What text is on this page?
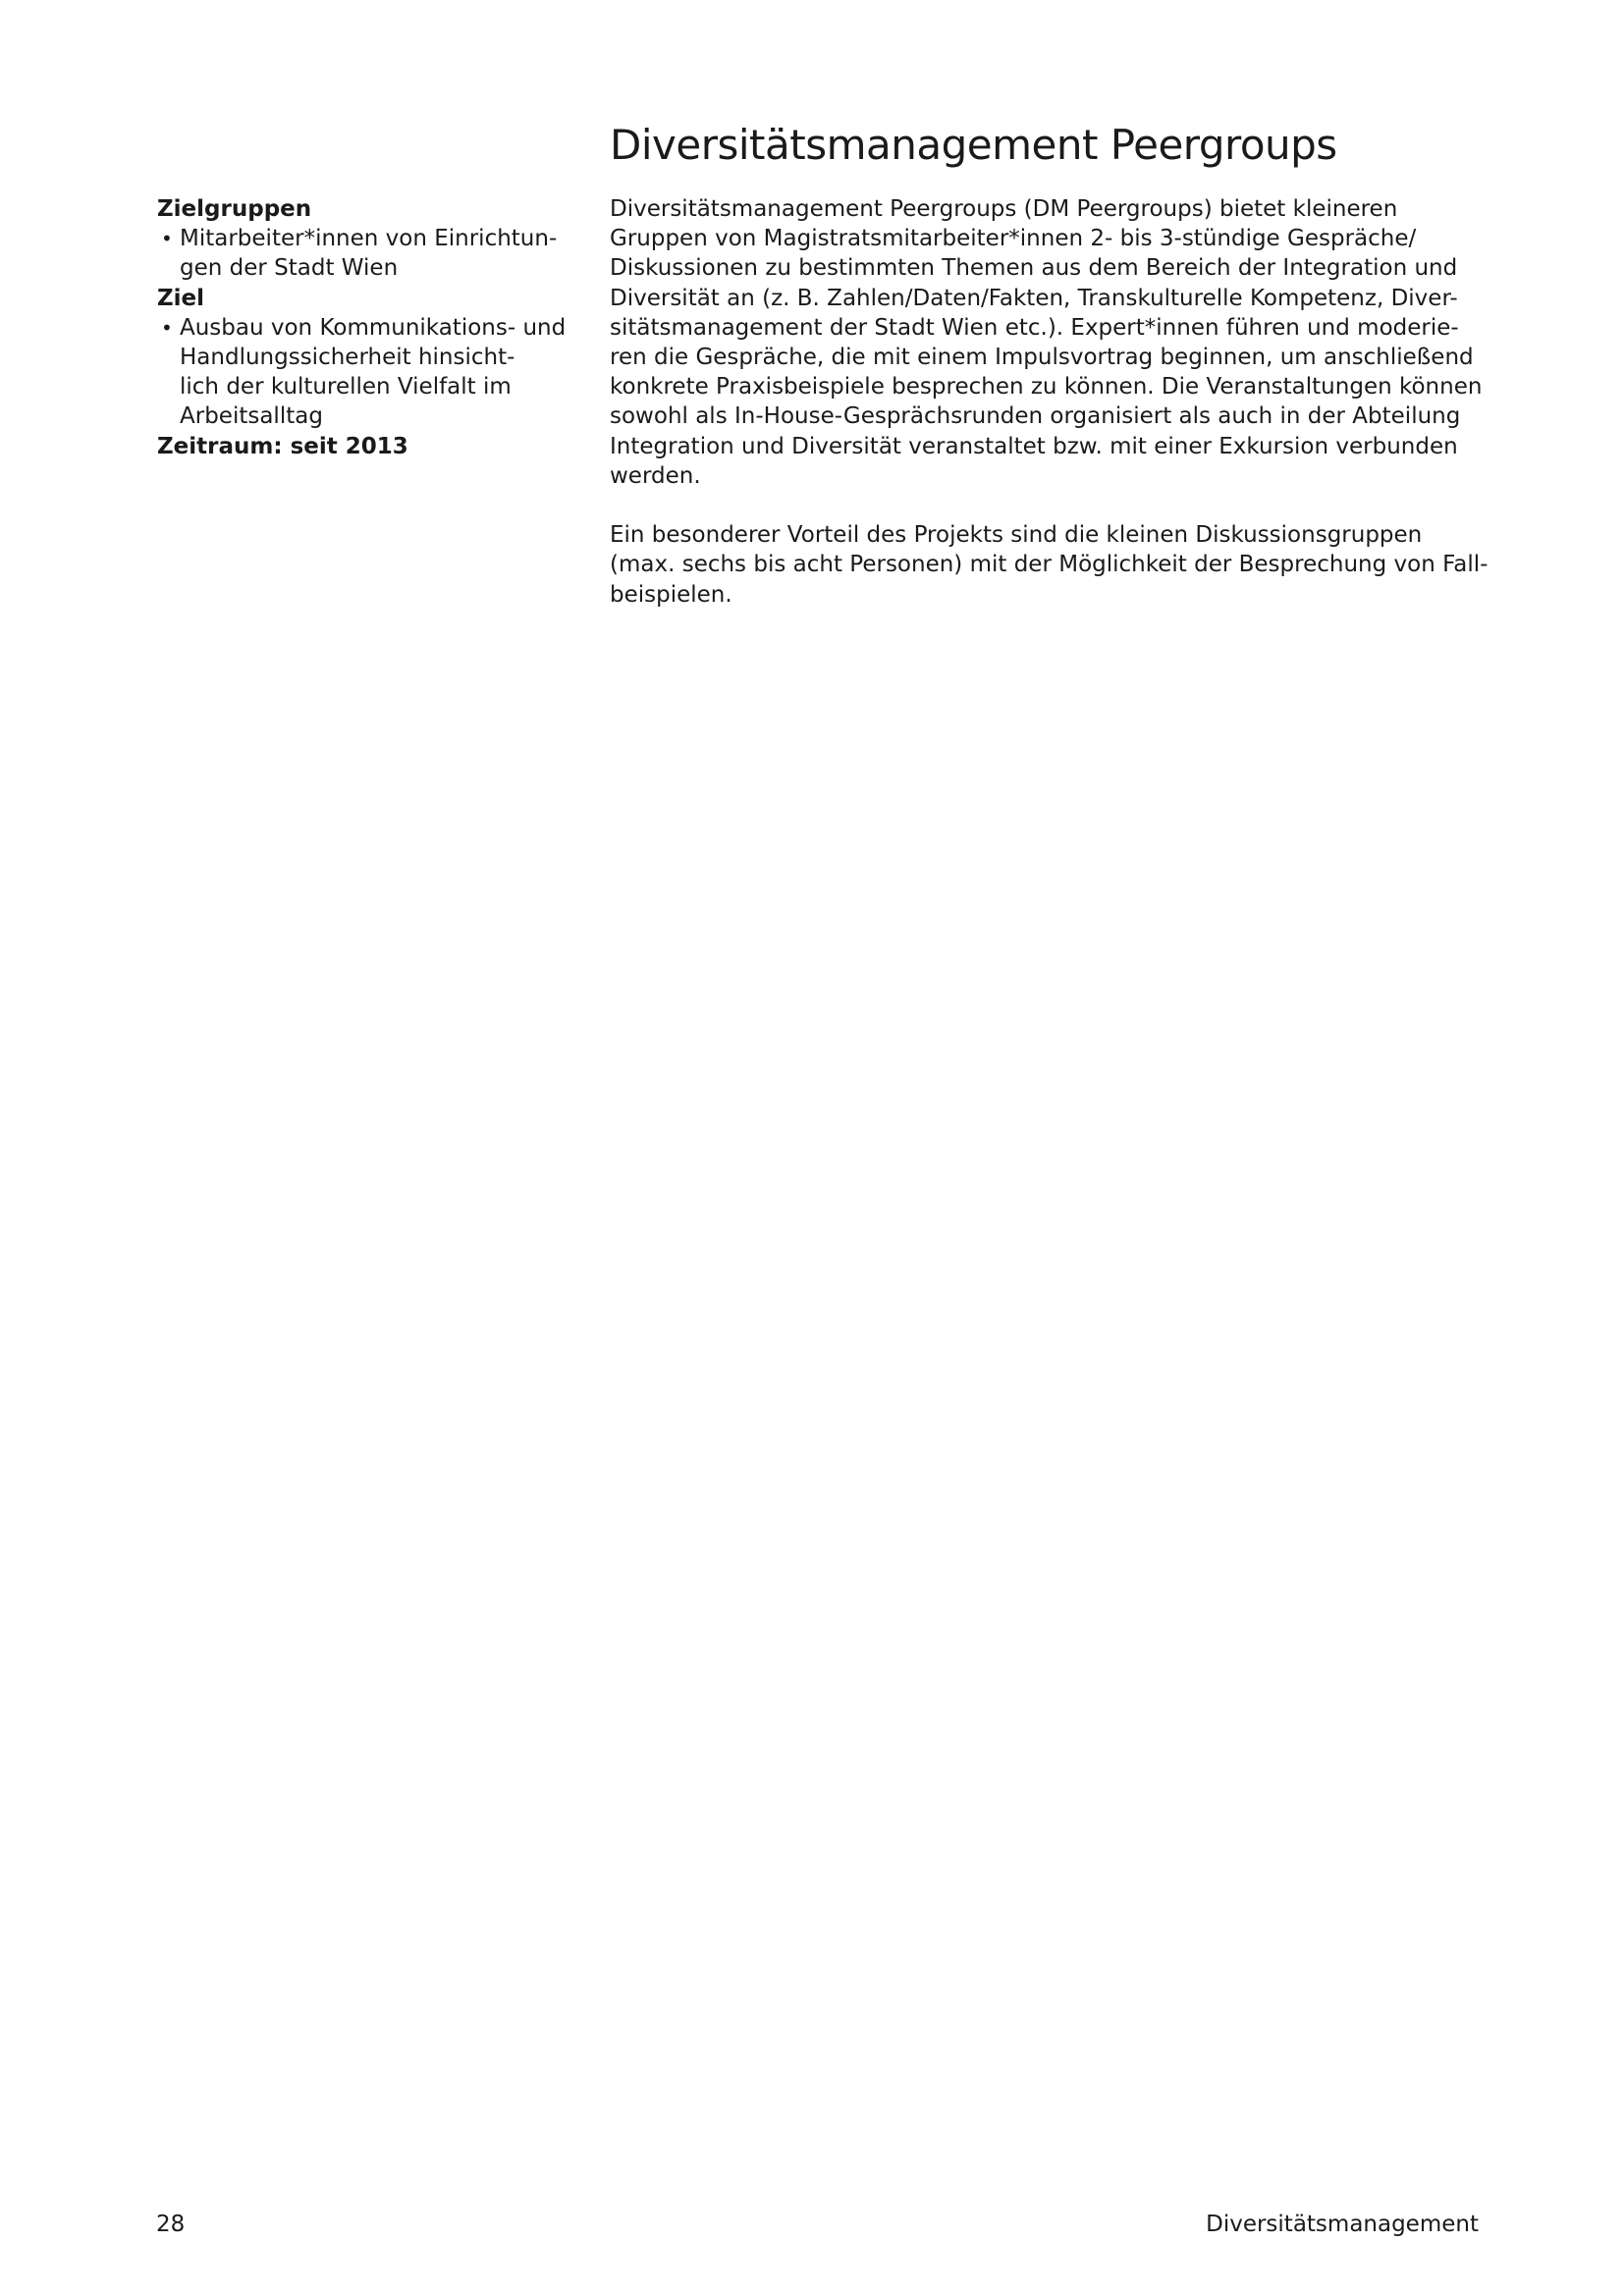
Diversitätsmanagement Peergroups
Zielgruppen
• Mitarbeiter*innen von Einrichtun-
gen der Stadt Wien
Ziel
• Ausbau von Kommunikations- und
Handlungssicherheit hinsicht-
lich der kulturellen Vielfalt im
Arbeitsalltag

Zeitraum: seit 2013

Diversitätsmanagement Peergroups (DM Peergroups) bietet kleineren
Gruppen von Magistratsmitarbeiter*innen 2- bis 3-stündige Gespräche/
Diskussionen zu bestimmten Themen aus dem Bereich der Integration und
Diversität an (z. B. Zahlen/Daten/Fakten, Transkulturelle Kompetenz, Diver-
sitätsmanagement der Stadt Wien etc.). Expert*innen führen und moderie-
ren die Gespräche, die mit einem Impulsvortrag beginnen, um anschließend
konkrete Praxisbeispiele besprechen zu können. Die Veranstaltungen können
sowohl als In-House-Gesprächsrunden organisiert als auch in der Abteilung
Integration und Diversität veranstaltet bzw. mit einer Exkursion verbunden
werden.

Ein besonderer Vorteil des Projekts sind die kleinen Diskussionsgruppen
(max. sechs bis acht Personen) mit der Möglichkeit der Besprechung von Fall-
beispielen.

28	Diversitätsmanagement
